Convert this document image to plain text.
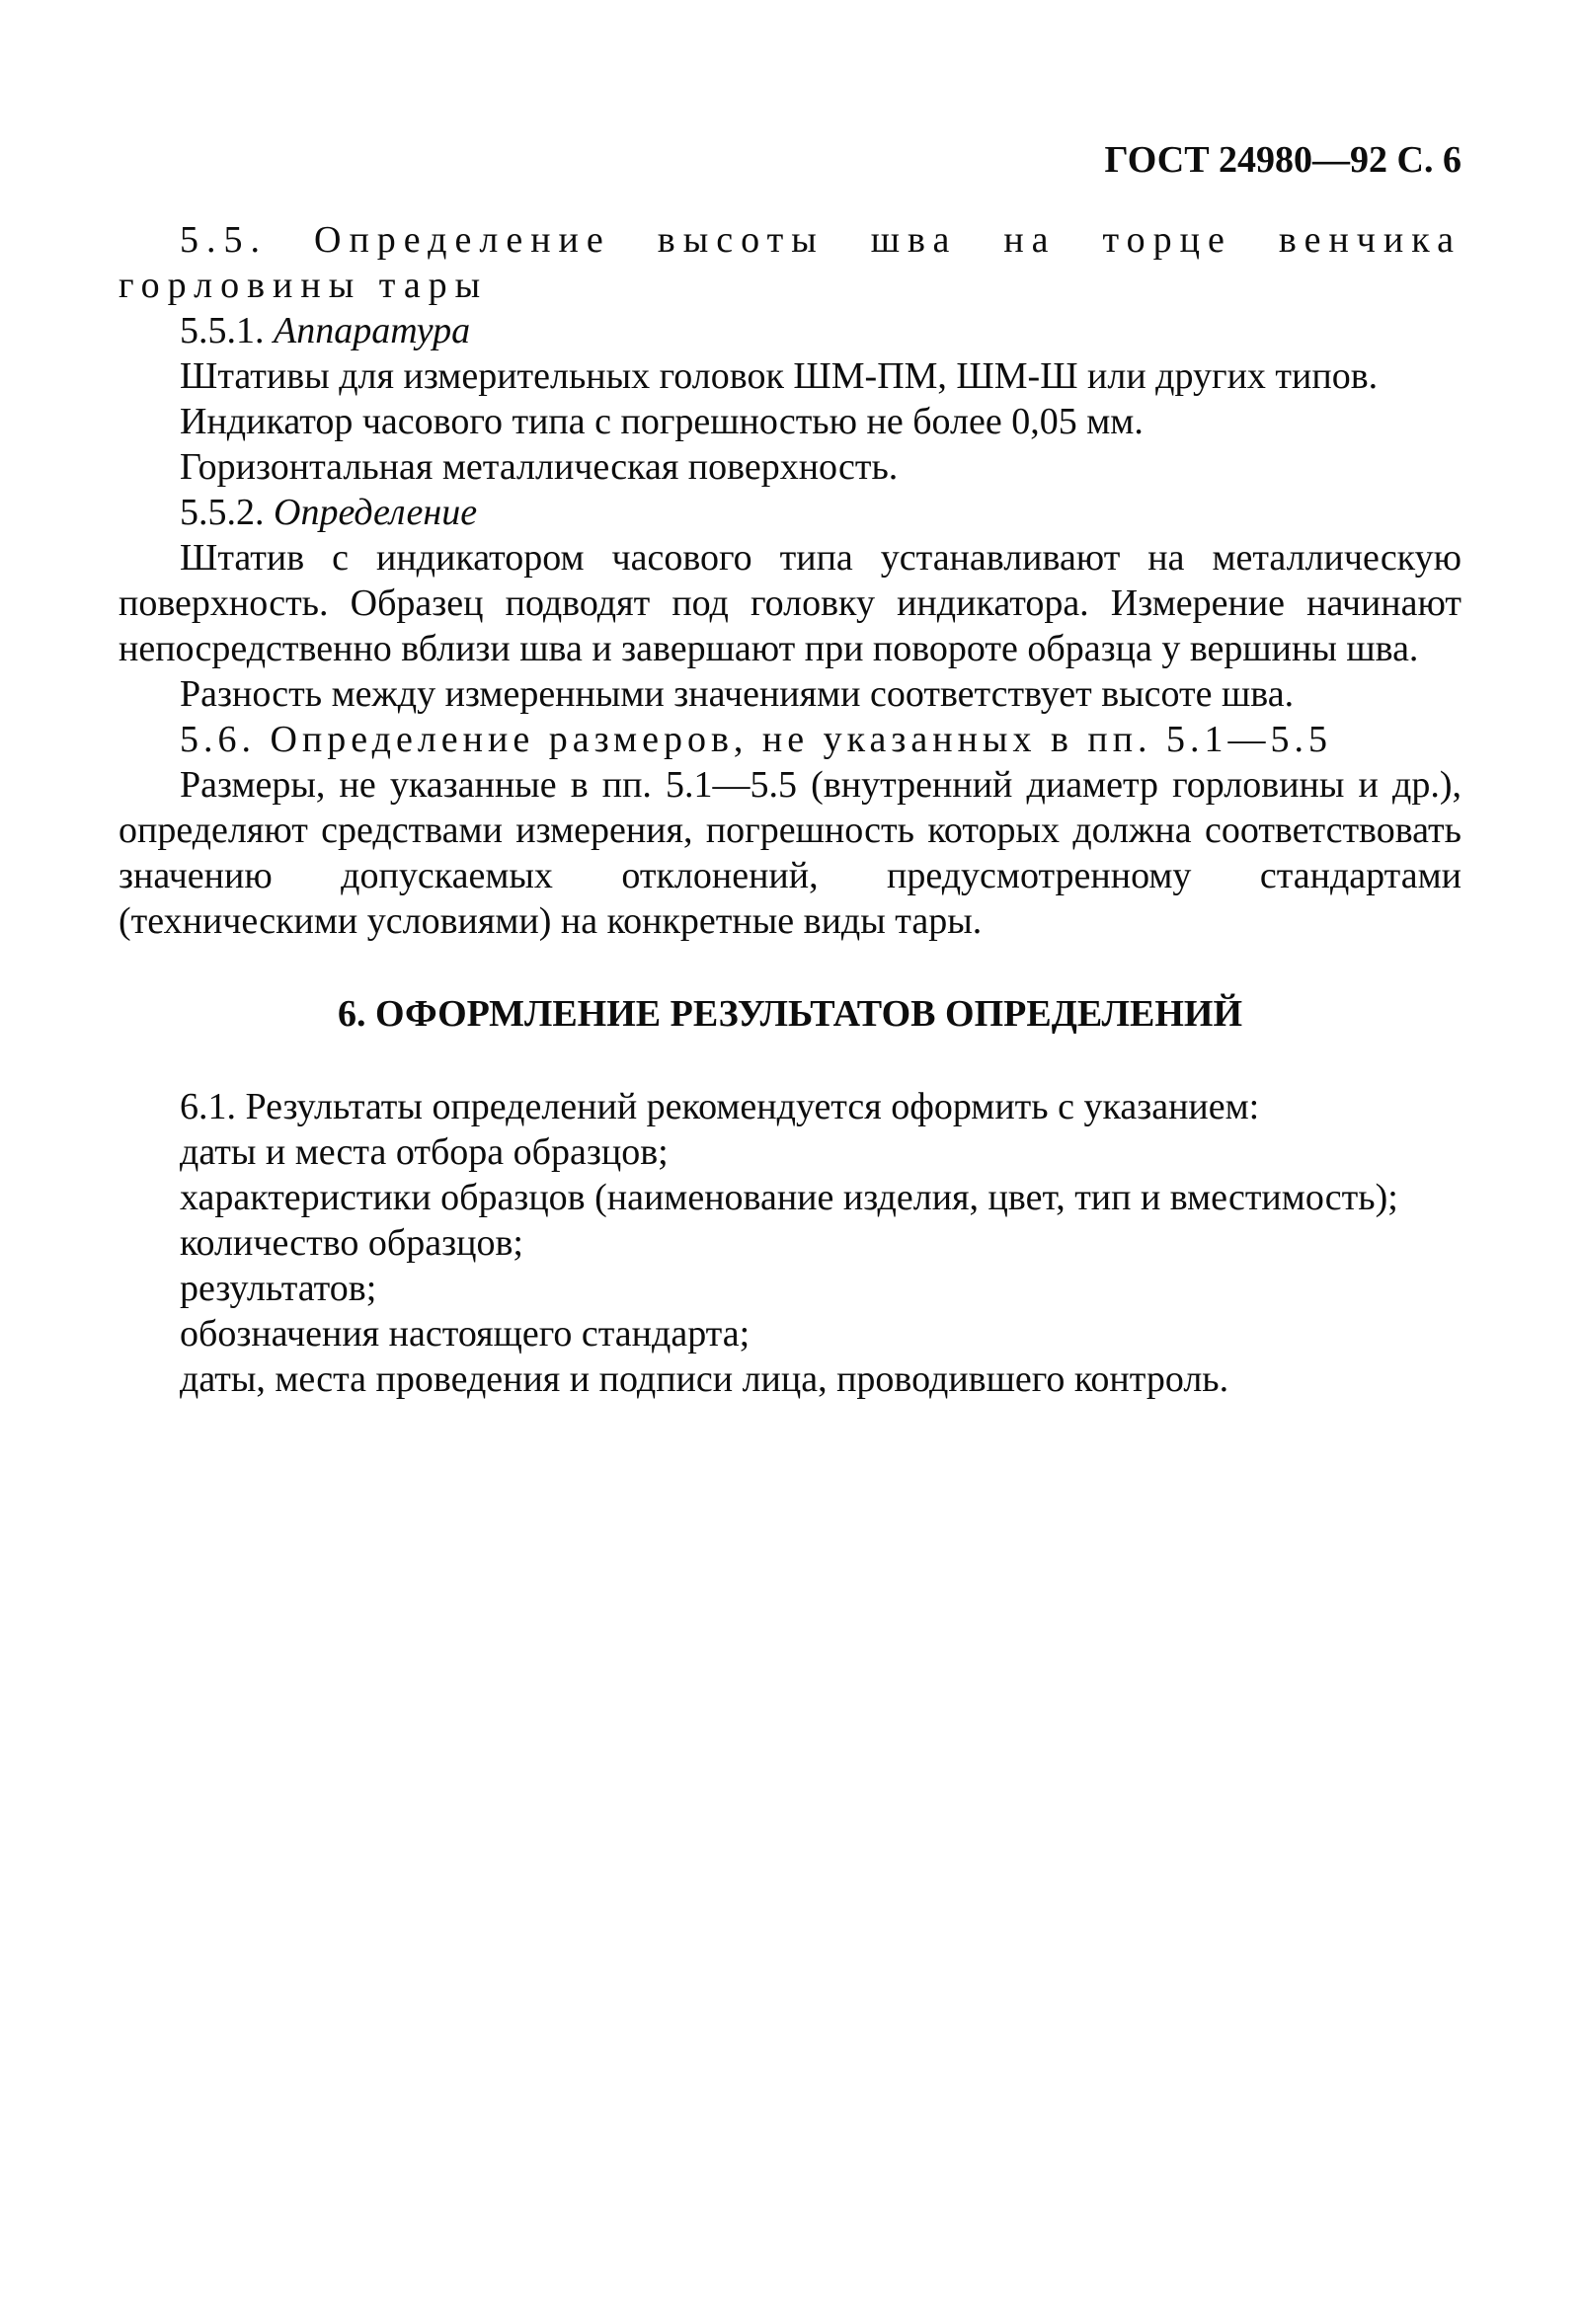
ГОСТ 24980—92 С. 6

5.5. Определение высоты шва на торце венчика горловины тары

5.5.1. Аппаратура

Штативы для измерительных головок ШМ-ПМ, ШМ-Ш или других типов.

Индикатор часового типа с погрешностью не более 0,05 мм.

Горизонтальная металлическая поверхность.

5.5.2. Определение

Штатив с индикатором часового типа устанавливают на металлическую поверхность. Образец подводят под головку индикатора. Измерение начинают непосредственно вблизи шва и завершают при повороте образца у вершины шва.

Разность между измеренными значениями соответствует высоте шва.

5.6. Определение размеров, не указанных в пп. 5.1—5.5

Размеры, не указанные в пп. 5.1—5.5 (внутренний диаметр горловины и др.), определяют средствами измерения, погрешность которых должна соответствовать значению допускаемых отклонений, предусмотренному стандартами (техническими условиями) на конкретные виды тары.

6. ОФОРМЛЕНИЕ РЕЗУЛЬТАТОВ ОПРЕДЕЛЕНИЙ

6.1. Результаты определений рекомендуется оформить с указанием:

даты и места отбора образцов;

характеристики образцов (наименование изделия, цвет, тип и вместимость);

количество образцов;

результатов;

обозначения настоящего стандарта;

даты, места проведения и подписи лица, проводившего контроль.
